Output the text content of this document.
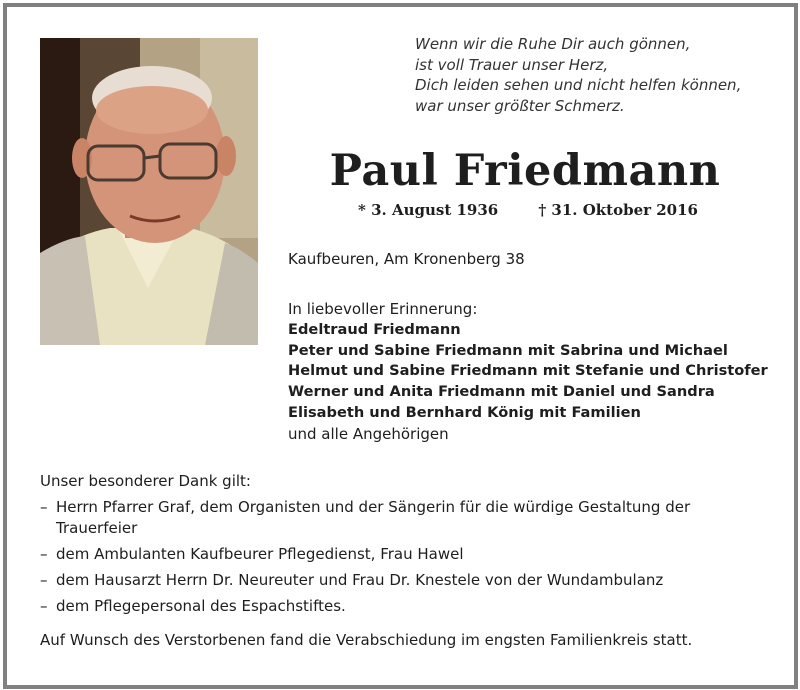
Wenn wir die Ruhe Dir auch gönnen,
ist voll Trauer unser Herz,
Dich leiden sehen und nicht helfen können,
war unser größter Schmerz.
Paul Friedmann
* 3. August 1936	† 31. Oktober 2016
Kaufbeuren, Am Kronenberg 38
In liebevoller Erinnerung:
Edeltraud Friedmann
Peter und Sabine Friedmann mit Sabrina und Michael
Helmut und Sabine Friedmann mit Stefanie und Christofer
Werner und Anita Friedmann mit Daniel und Sandra
Elisabeth und Bernhard König mit Familien
und alle Angehörigen
Unser besonderer Dank gilt:
– Herrn Pfarrer Graf, dem Organisten und der Sängerin für die würdige Gestaltung der Trauerfeier
– dem Ambulanten Kaufbeurer Pflegedienst, Frau Hawel
– dem Hausarzt Herrn Dr. Neureuter und Frau Dr. Knestele von der Wundambulanz
– dem Pflegepersonal des Espachstiftes.
Auf Wunsch des Verstorbenen fand die Verabschiedung im engsten Familienkreis statt.
